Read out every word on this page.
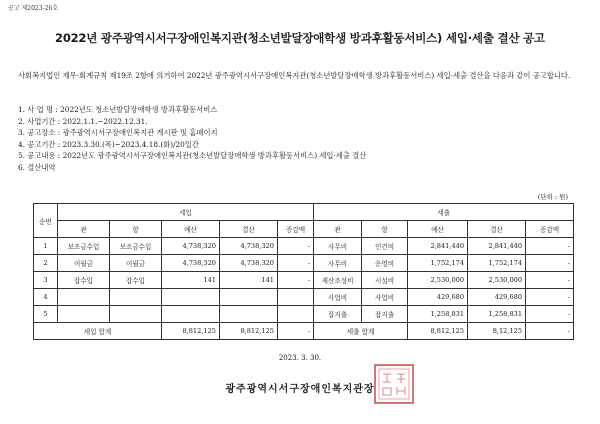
공고 제2023-26호
2022년 광주광역시서구장애인복지관(청소년발달장애학생 방과후활동서비스) 세입·세출 결산 공고
사회복지법인 재무·회계규칙 제19조 2항에 의거하여 2022년 광주광역시서구장애인복지관(청소년발달장애학생 방과후활동서비스) 세입·세출 결산을 다음과 같이 공고합니다.
1. 사 업 명 : 2022년도 청소년발달장애학생 방과후활동서비스
2. 사업기간 : 2022.1.1.~2022.12.31.
3. 공고장소 : 광주광역시서구장애인복지관 게시판 및 홈페이지
4. 공고기간 : 2023.3.30.(목)~2023.4.18.(화)/20일간
5. 공고내용 : 2022년도 광주광역시서구장애인복지관(청소년발달장애학생 방과후활동서비스) 세입·세출 결산
6. 결산내역
(단위 : 원)
순번	세입					세출				
	관	항	예산	결산	증감액	관	항	예산	결산	증감액
1	보조금수입	보조금수입	4,738,320	4,738,320	-	사무비	인건비	2,841,440	2,841,440	-
2	이월금	이월금	4,738,320	4,738,320	-	사무비	운영비	1,752,174	1,752,174	-
3	잡수입	잡수입	141	141	-	재산조성비	시설비	2,530,000	2,530,000	-
4						사업비	사업비	429,680	429,680	-
5						잡지출	잡지출	1,258,831	1,258,831	-
세입 합계			8,812,125	8,812,125	-	세출 합계		8,812,125	8,12,125	-
2023. 3. 30.
광주광역시서구장애인복지관장
